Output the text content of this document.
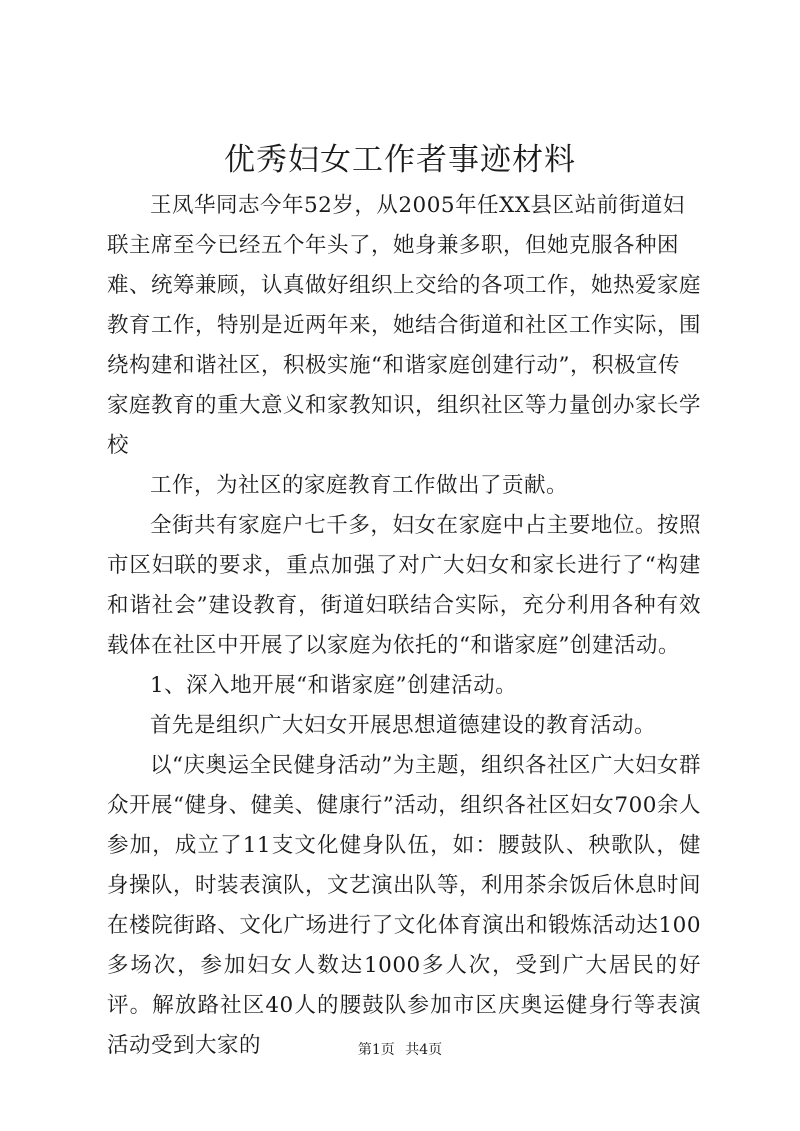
优秀妇女工作者事迹材料

王凤华同志今年52岁，从2005年任XX县区站前街道妇联主席至今已经五个年头了，她身兼多职，但她克服各种困难、统筹兼顾，认真做好组织上交给的各项工作，她热爱家庭教育工作，特别是近两年来，她结合街道和社区工作实际，围绕构建和谐社区，积极实施“和谐家庭创建行动”，积极宣传家庭教育的重大意义和家教知识，组织社区等力量创办家长学校

工作，为社区的家庭教育工作做出了贡献。

全街共有家庭户七千多，妇女在家庭中占主要地位。按照市区妇联的要求，重点加强了对广大妇女和家长进行了“构建和谐社会”建设教育，街道妇联结合实际，充分利用各种有效载体在社区中开展了以家庭为依托的“和谐家庭”创建活动。

1、深入地开展“和谐家庭”创建活动。

首先是组织广大妇女开展思想道德建设的教育活动。

以“庆奥运全民健身活动”为主题，组织各社区广大妇女群众开展“健身、健美、健康行”活动，组织各社区妇女700余人参加，成立了11支文化健身队伍，如：腰鼓队、秧歌队，健身操队，时装表演队，文艺演出队等，利用茶余饭后休息时间在楼院街路、文化广场进行了文化体育演出和锻炼活动达100多场次，参加妇女人数达1000多人次，受到广大居民的好评。解放路社区40人的腰鼓队参加市区庆奥运健身行等表演活动受到大家的	第1页 共4页
